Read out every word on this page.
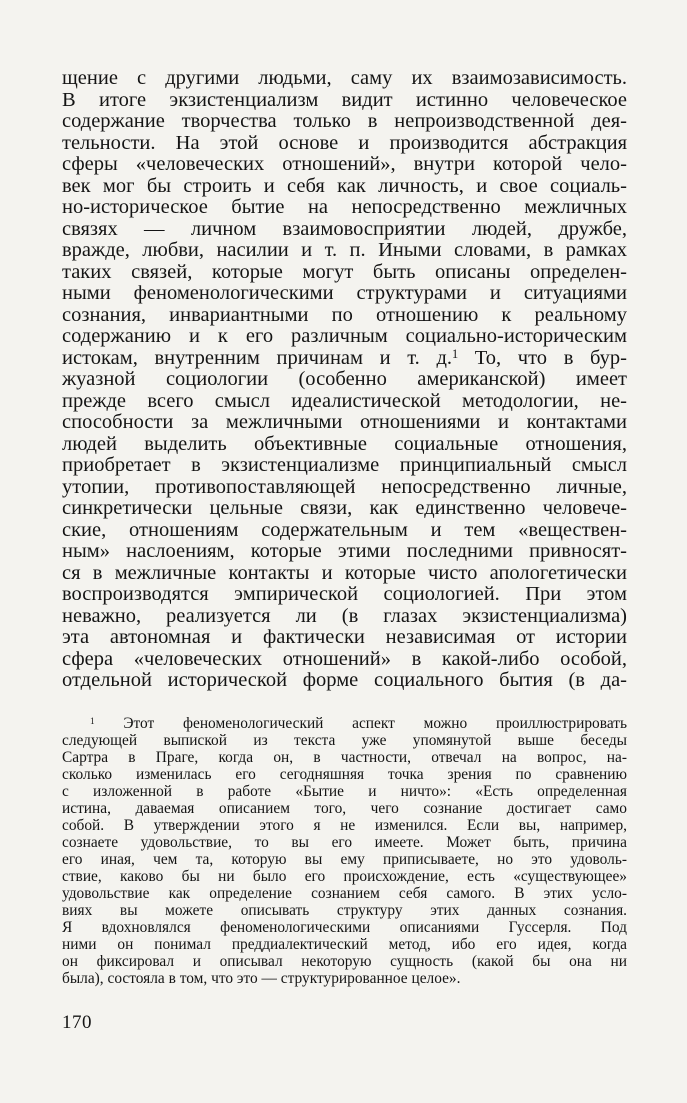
щение с другими людьми, саму их взаимозависимость.
В итоге экзистенциализм видит истинно человеческое
содержание творчества только в непроизводственной дея-
тельности. На этой основе и производится абстракция
сферы «человеческих отношений», внутри которой чело-
век мог бы строить и себя как личность, и свое социаль-
но-историческое бытие на непосредственно межличных
связях — личном взаимовосприятии людей, дружбе,
вражде, любви, насилии и т. п. Иными словами, в рамках
таких связей, которые могут быть описаны определен-
ными феноменологическими структурами и ситуациями
сознания, инвариантными по отношению к реальному
содержанию и к его различным социально-историческим
истокам, внутренним причинам и т. д.$^1$ То, что в бур-
жуазной социологии (особенно американской) имеет
прежде всего смысл идеалистической методологии, не-
способности за межличными отношениями и контактами
людей выделить объективные социальные отношения,
приобретает в экзистенциализме принципиальный смысл
утопии, противопоставляющей непосредственно личные,
синкретически цельные связи, как единственно человече-
ские, отношениям содержательным и тем «веществен-
ным» наслоениям, которые этими последними привносят-
ся в межличные контакты и которые чисто апологетически
воспроизводятся эмпирической социологией. При этом
неважно, реализуется ли (в глазах экзистенциализма)
эта автономная и фактически независимая от истории
сфера «человеческих отношений» в какой-либо особой,
отдельной исторической форме социального бытия (в да-
$^1$ Этот феноменологический аспект можно проиллюстрировать
следующей выпиской из текста уже упомянутой выше беседы
Сартра в Праге, когда он, в частности, отвечал на вопрос, на-
сколько изменилась его сегодняшняя точка зрения по сравнению
с изложенной в работе «Бытие и ничто»: «Есть определенная
истина, даваемая описанием того, чего сознание достигает само
собой. В утверждении этого я не изменился. Если вы, например,
сознаете удовольствие, то вы его имеете. Может быть, причина
его иная, чем та, которую вы ему приписываете, но это удоволь-
ствие, каково бы ни было его происхождение, есть «существующее»
удовольствие как определение сознанием себя самого. В этих усло-
виях вы можете описывать структуру этих данных сознания.
Я вдохновлялся феноменологическими описаниями Гуссерля. Под
ними он понимал преддиалектический метод, ибо его идея, когда
он фиксировал и описывал некоторую сущность (какой бы она ни
была), состояла в том, что это — структурированное целое».
170
